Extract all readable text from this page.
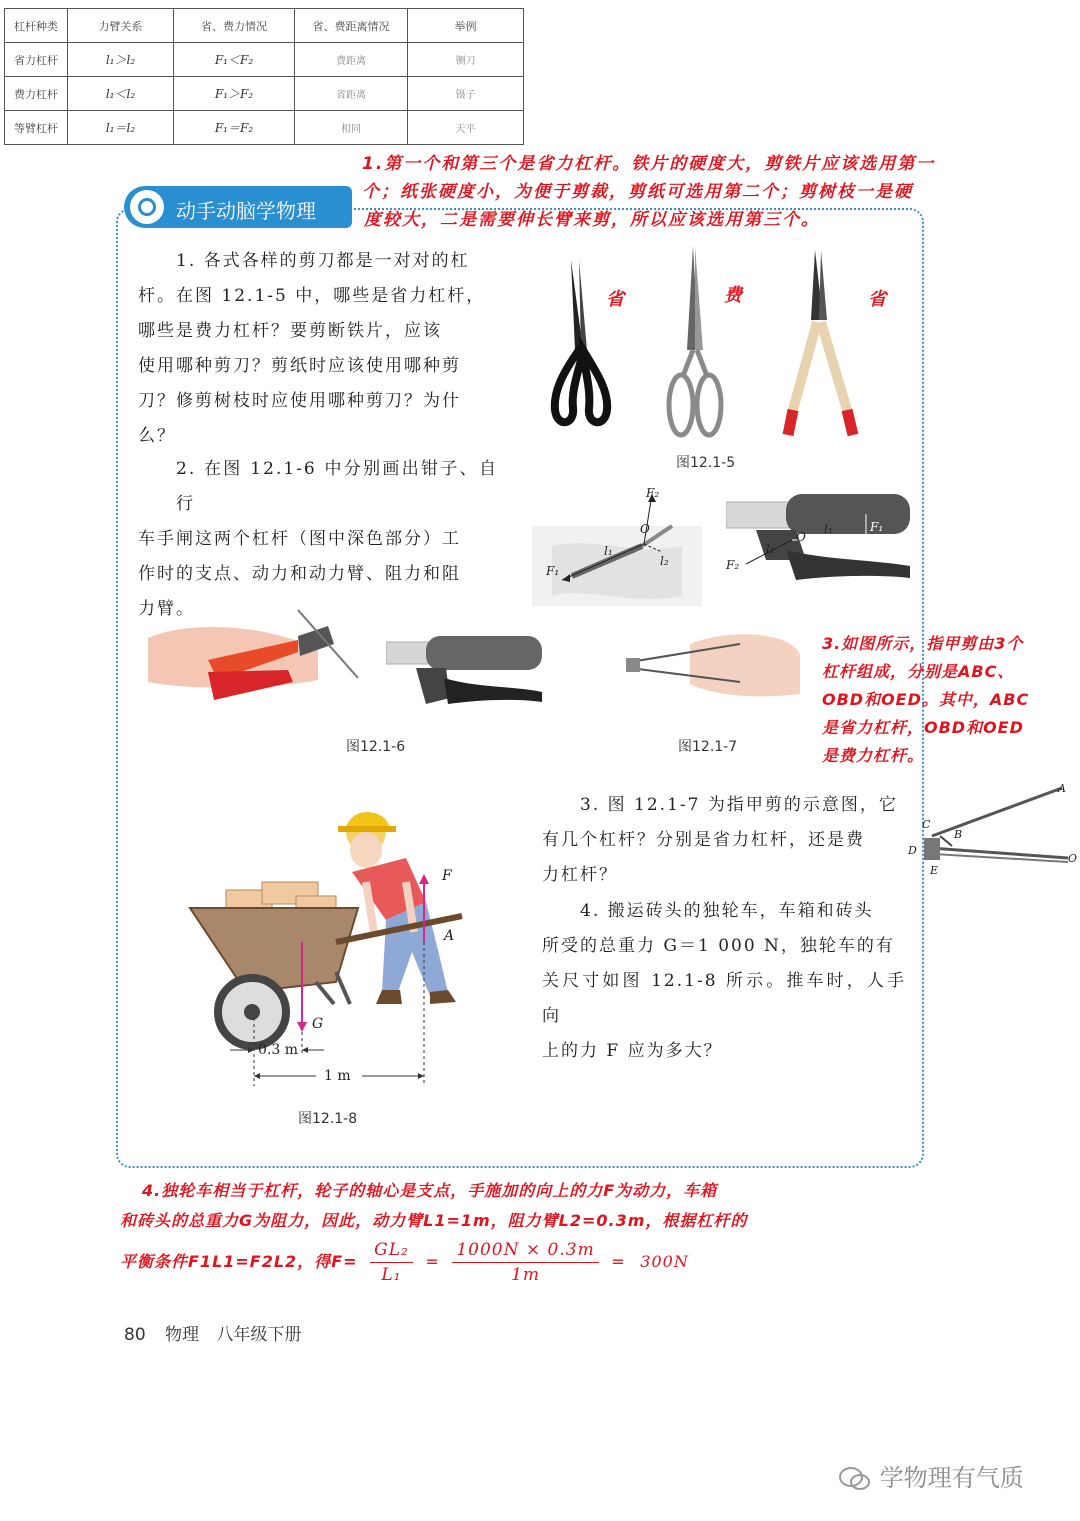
杠杆种类	力臂关系	省、费力情况	省、费距离情况	举例
省力杠杆	l₁＞l₂	F₁＜F₂	费距离	铡刀
费力杠杆	l₁＜l₂	F₁＞F₂	省距离	镊子
等臂杠杆	l₁＝l₂	F₁＝F₂	相同	天平
1.第一个和第三个是省力杠杆。铁片的硬度大，剪铁片应该选用第一
个；纸张硬度小，为便于剪裁，剪纸可选用第二个；剪树枝一是硬
度较大，二是需要伸长臂来剪，所以应该选用第三个。
动手动脑学物理
1. 各式各样的剪刀都是一对对的杠
杆。在图 12.1-5 中，哪些是省力杠杆，
哪些是费力杠杆？要剪断铁片，应该
使用哪种剪刀？剪纸时应该使用哪种剪
刀？修剪树枝时应使用哪种剪刀？为什
么？
2. 在图 12.1-6 中分别画出钳子、自行
车手闸这两个杠杆（图中深色部分）工
作时的支点、动力和动力臂、阻力和阻
力臂。
省	费	省
图12.1-5
F₂
O
l₁
l₂
F₁
l₁	F₁
l₂
O
F₂
图12.1-6	图12.1-7
3.如图所示，指甲剪由3个
杠杆组成，分别是ABC、
OBD和OED。其中，ABC
是省力杠杆，OBD和OED
是费力杠杆。
A
C
B
D
O
E
3. 图 12.1-7 为指甲剪的示意图，它
有几个杠杆？分别是省力杠杆，还是费
力杠杆？
4. 搬运砖头的独轮车，车箱和砖头
所受的总重力 G＝1 000 N，独轮车的有
关尺寸如图 12.1-8 所示。推车时，人手向
上的力 F 应为多大？
F
A
G
0.3 m
1 m
图12.1-8
4.独轮车相当于杠杆，轮子的轴心是支点，手施加的向上的力F为动力，车箱
和砖头的总重力G为阻力，因此，动力臂L1=1m，阻力臂L2=0.3m，根据杠杆的
平衡条件F1L1=F2L2，得$F= \frac{\text{GL₂}}{\text{L₁}} = \frac{1000N \times 0.3m}{1m} = 300N$
80 物理 八年级下册
学物理有气质
